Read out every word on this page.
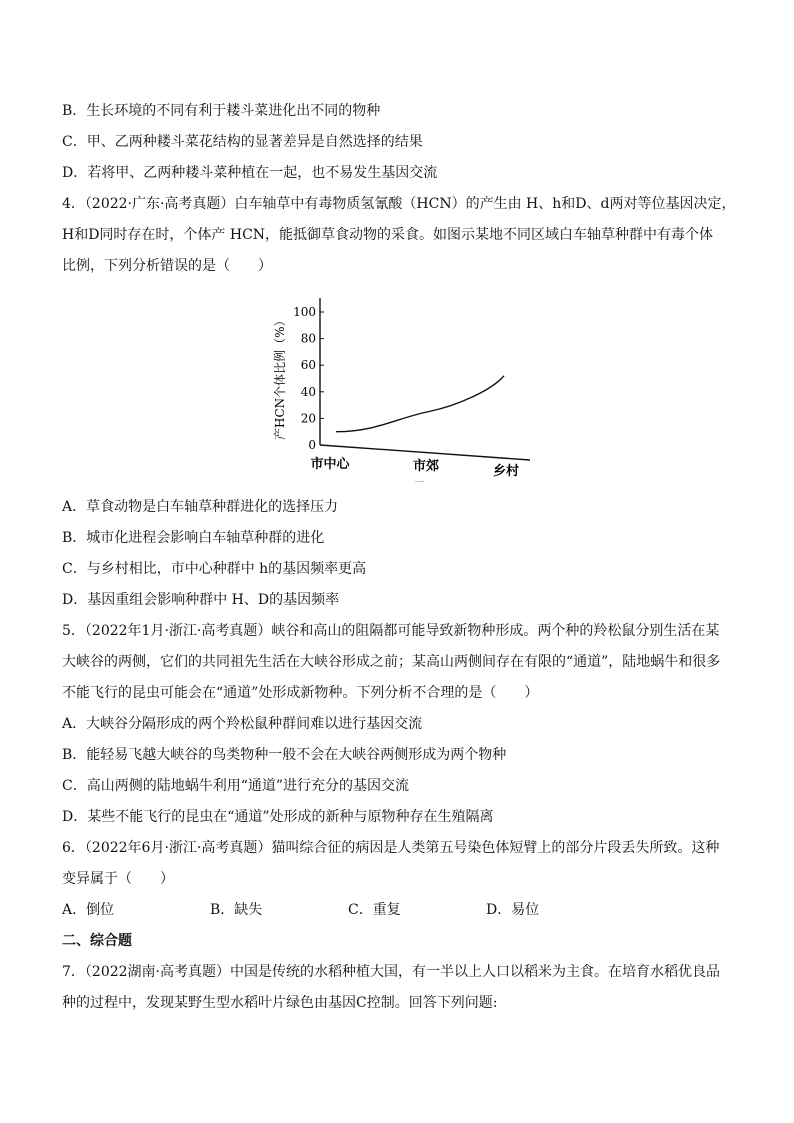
B．生长环境的不同有利于耧斗菜进化出不同的物种
C．甲、乙两种耧斗菜花结构的显著差异是自然选择的结果
D．若将甲、乙两种耧斗菜种植在一起，也不易发生基因交流
4．（2022·广东·高考真题）白车轴草中有毒物质氢氰酸（HCN）的产生由 H、h和D、d两对等位基因决定，
H和D同时存在时，个体产 HCN，能抵御草食动物的采食。如图示某地不同区域白车轴草种群中有毒个体
比例，下列分析错误的是（　　）
0
20
40
60
80
100
产HCN个体比例（%）
市中心	市郊	乡村
一
A．草食动物是白车轴草种群进化的选择压力
B．城市化进程会影响白车轴草种群的进化
C．与乡村相比，市中心种群中 h的基因频率更高
D．基因重组会影响种群中 H、D的基因频率
5．（2022年1月·浙江·高考真题）峡谷和高山的阻隔都可能导致新物种形成。两个种的羚松鼠分别生活在某
大峡谷的两侧，它们的共同祖先生活在大峡谷形成之前；某高山两侧间存在有限的“通道”，陆地蜗牛和很多
不能飞行的昆虫可能会在“通道”处形成新物种。下列分析不合理的是（　　）
A．大峡谷分隔形成的两个羚松鼠种群间难以进行基因交流
B．能轻易飞越大峡谷的鸟类物种一般不会在大峡谷两侧形成为两个物种
C．高山两侧的陆地蜗牛利用“通道”进行充分的基因交流
D．某些不能飞行的昆虫在“通道”处形成的新种与原物种存在生殖隔离
6．（2022年6月·浙江·高考真题）猫叫综合征的病因是人类第五号染色体短臂上的部分片段丢失所致。这种
变异属于（　　）
A．倒位	B．缺失	C．重复	D．易位
二、综合题
7．（2022湖南·高考真题）中国是传统的水稻种植大国，有一半以上人口以稻米为主食。在培育水稻优良品
种的过程中，发现某野生型水稻叶片绿色由基因C控制。回答下列问题:
